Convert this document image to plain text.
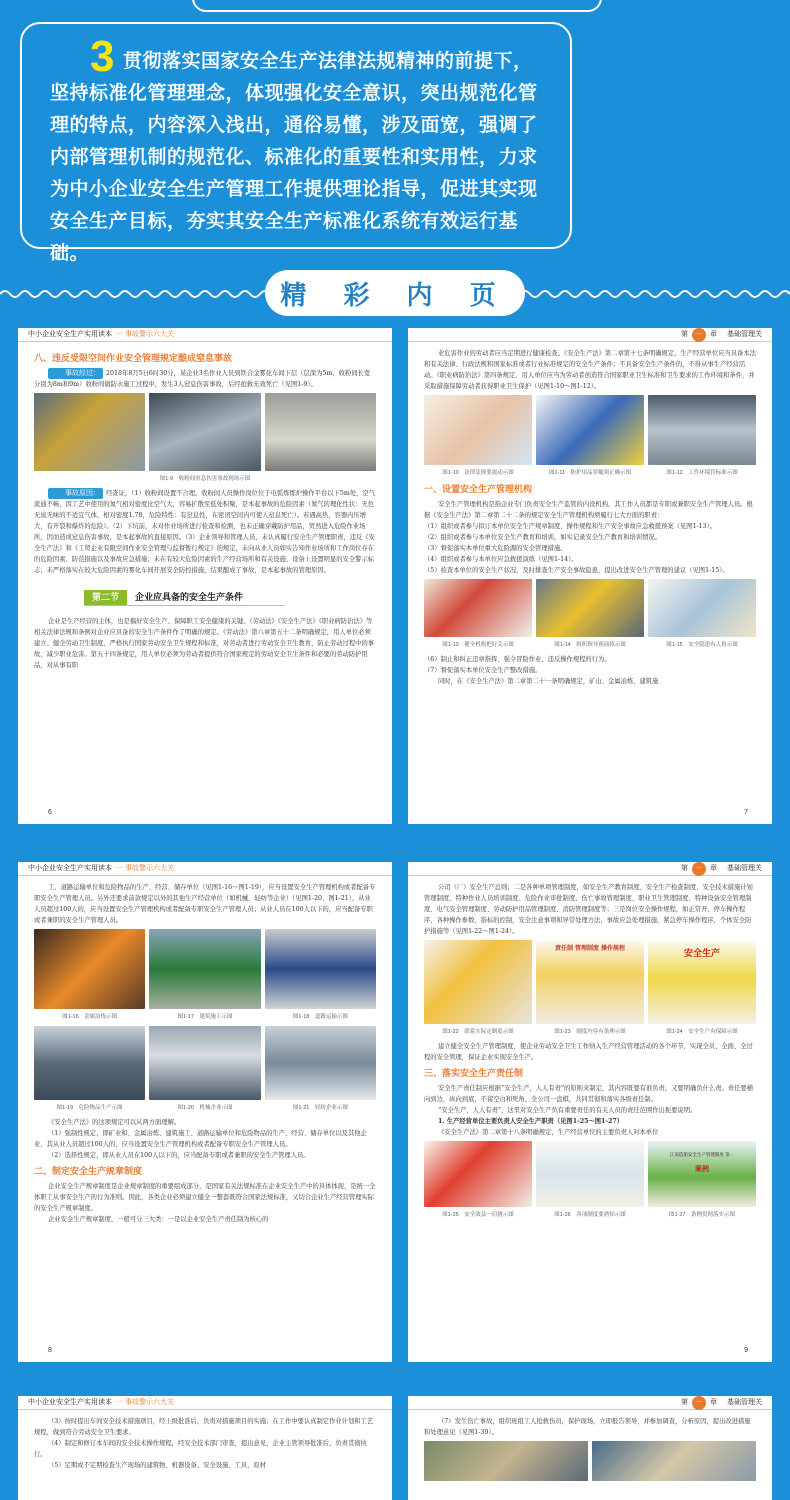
3 贯彻落实国家安全生产法律法规精神的前提下，坚持标准化管理理念，体现强化安全意识，突出规范化管理的特点，内容深入浅出，通俗易懂，涉及面宽，强调了内部管理机制的规范化、标准化的重要性和实用性，力求为中小企业安全生产管理工作提供理论指导，促进其实现安全生产目标，夯实其安全生产标准化系统有效运行基础。

精 彩 内 页
中小企业安全生产实用读本 一 事故警示六大关
八、违反受限空间作业安全管理规定酿成窒息事故

事故经过： 2018年8月5日6时30分，某企业3名作业人员到铁合金雾化车间下层（层深为5m，收粉间长宽分别为8m和9m）收粉间做防水施工过程中，发生3人窒息伤害事故，后经抢救无效死亡（见图1-9）。

图1-9　收粉间窒息伤害事故现场示图

事故原因： 经查证，（1）收粉间设置不合理。收粉间人员操作岗位位于电弧炼炼炉操作平台以下5m处，空气流通不畅，因工艺中使用的氮气相对密度比空气大，容易扩散至低处积聚，是本起事故的危险因素（氮气的理化性状：无色无臭无味的不适宜气体，相对密度1.78，危险特性：有窒息性，在密闭空间内可使人窒息死亡）。若遇高热，容器内压增大，有开裂和爆炸的危险）。（2）下坑前，未对作业场所进行检查和检测，也未正确穿戴防护用品，贸然进入危险作业场所，因而造成窒息伤害事故，是本起事故的直接原因。（3）企业领导和管理人员，未认真履行安全生产管理职责，违反《安全生产法》和《工贸企业有限空间作业安全管理与监督暂行规定》的规定，未向从业人员如实告知作业场所和工作岗位存在的危险因素、防范措施以及事故应急措施；未在有较大危险因素的生产经营场所和有关设施、设备上设置明显的安全警示标志；未严格落实在较大危险因素的雾化车间开展安全防控措施，结果酿成了事故，是本起事故的管理原因。

第二节	企业应具备的安全生产条件

企业是生产经营的主体，也是搞好安全生产、保障职工安全健康的关键。《劳动法》《安全生产法》《职业病防治法》等相关法律法规和条例对企业应具备的安全生产条件作了明确的规定。《劳动法》第六章第五十二条明确规定，用人单位必须建立、健全劳动卫生制度，严格执行国家劳动安全卫生规程和标准，对劳动者进行劳动安全卫生教育，防止劳动过程中的事故，减少职业危害。第五十四条规定，用人单位必须为劳动者提供符合国家规定的劳动安全卫生条件和必要的劳动防护用品，对从事有职

6
第	一	章 基础管理关

业危害作业的劳动者应当定期进行健康检查。《安全生产法》第二章第十七条明确规定，生产经营单位应当具备本法和有关法律、行政法规和国家标准或者行业标准规定的安全生产条件；不具备安全生产条件的，不得从事生产经营活动。《职业病防治法》第四条规定，用人单位应当为劳动者创造符合国家职业卫生标准和卫生要求的工作环境和条件，并采取措施保障劳动者获得职业卫生保护（见图1-10～图1-12）。

图1-10　法律法规要震动示图	图1-11　防护用品穿戴须正确示图	图1-12　工作环境符标准示图
一、设置安全生产管理机构

安全生产管理机构是指企业专门负责安全生产监管的内设机构，其工作人员都是专职或兼职安全生产管理人员。根据《安全生产法》第二章第二十二条的规定安全生产管理机构须履行七大方面的职责：

（1）组织或者参与拟订本单位安全生产规章制度、操作规程和生产安全事故应急救援预案（见图1-13）。

（2）组织或者参与本单位安全生产教育和培训，如实记录安全生产教育和培训情况。

（3）督促落实本单位重大危险源的安全管理措施。

（4）组织或者参与本单位应急救援演练（见图1-14）。

（5）检查本单位的安全生产状况，及时排查生产安全事故隐患，提出改进安全生产管理的建议（见图1-15）。

图1-13　健全机构把好关示图	图1-14　组织指导预演练示图	图1-15　安全隐患有人督示图

（6）制止和纠正违章指挥、强令冒险作业、违反操作规程的行为。

（7）督促落实本单位安全生产整改措施。

同时，在《安全生产法》第二章第二十一条明确规定，矿山、金属冶炼、建筑施

7
中小企业安全生产实用读本 一 事故警示六大关

工、道路运输单位和危险物品的生产、经营、储存单位（见图1-16～图1-19），应当设置安全生产管理机构或者配备专职安全生产管理人员。另外还要求前款规定以外的其他生产经营单位（如机械、轻纺等企业）（见图1-20、图1-21），从业人员超过100人的，应当设置安全生产管理机构或者配备专职安全生产管理人员；从业人员在100人以下的，应当配备专职或者兼职的安全生产管理人员。

图1-16　金属冶炼示图	图1-17　建筑施工示图	图1-18　道路运输示图
图1-19　危险物品生产示图	图1-20　机械企业示图	图1-21　轻纺企业示图

《安全生产法》的这项规定可以从两方面理解。

（1）强制性规定，即矿业和、金属冶炼、建筑施工、道路运输单位和危险物品的生产、经营、储存单位以及其他企业，其从业人员超过100人的，应当设置安全生产管理机构或者配备专职安全生产管理人员。

（2）选择性规定，即从业人员在100人以下的，应当配备专职或者兼职的安全生产管理人员。

二、制定安全生产规章制度

企业安全生产规章制度是企业规章制度的重要组成部分，是国家有关法规标准在企业安全生产中的具体体现，是统一全体职工从事安全生产的行为准则。因此，各类企业必须建立健全一整套既符合国家法规标准，又切合企业生产经营管理实际的安全生产规章制度。

企业安全生产规章制度，一般可分三大类：一是以企业安全生产责任制为核心的

8
第	一	章 基础管理关

公司（厂）安全生产总则；二是各种单项管理制度，如安全生产教育制度、安全生产检查制度、安全技术措施计划管理制度、特种作业人员培训制度、危险作业审批制度、伤亡事故管理制度、职业卫生管理制度、特种设备安全管理制度、电气安全管理制度、劳动防护用品管理制度、消防管理制度等；三是岗位安全操作规程，如正常开、停车操作程序，各种操作参数、指标的控制，安全注意事项和异常处理方法，事故应急处理措施，紧急停车操作程序，个体安全防护措施等（见图1-22～图1-24）。

责任制 管理制度 操作规程	安全生产
图1-22　联系实际定制度示图	图1-23　制度内容有条理示图	图1-24　安全生产有保障示图

建立健全安全生产管理制度，使企业劳动安全卫生工作纳入生产经营管理活动的各个环节，实现全员、全面、全过程的安全管理，保证企业实现安全生产。

三、落实安全生产责任制

安全生产责任制应根据“安全生产，人人有责”的原则来制定，其内容既要有谁负责，又要明确负什么责。责任要横向到边，纵向到底，不留空白和死角，全公司一盘棋，共同贯彻和落实各级责任制。

“安全生产，人人有责”，这里对安全生产负有重要责任的有关人员的责任范围作出扼要说明。

1. 生产经营单位主要负责人安全生产职责（见图1-25～图1-27）

《安全生产法》第二章第十八条明确规定，生产经营单位的主要负责人对本单位

江南造船安全生产管理制度 第一
案例
图1-25　安全效益一肩挑示图	图1-26　各项制度要熟知示图	图1-27　条例贯彻落实示图
9
中小企业安全生产实用读本 一 事故警示六大关

（3）按时提出车间安全技术措施项目，经上级批准后，负责对措施项目的实施；在工作中要认真制定作业计划和工艺规程，做到符合劳动安全卫生要求。

（4）制定和修订本车间的安全技术操作规程，经安全技术部门审查，提出意见，企业主管领导批准后，负责贯彻执行。

（5）定期或不定期检查生产现场的建筑物、机器设备、安全设施、工具、原材

第	一	章 基础管理关

（7）发生伤亡事故，组织班组工人抢救伤员，保护现场，立即报告领导，并参加调查，分析原因，提出改进措施和处理意见（见图1-39）。
